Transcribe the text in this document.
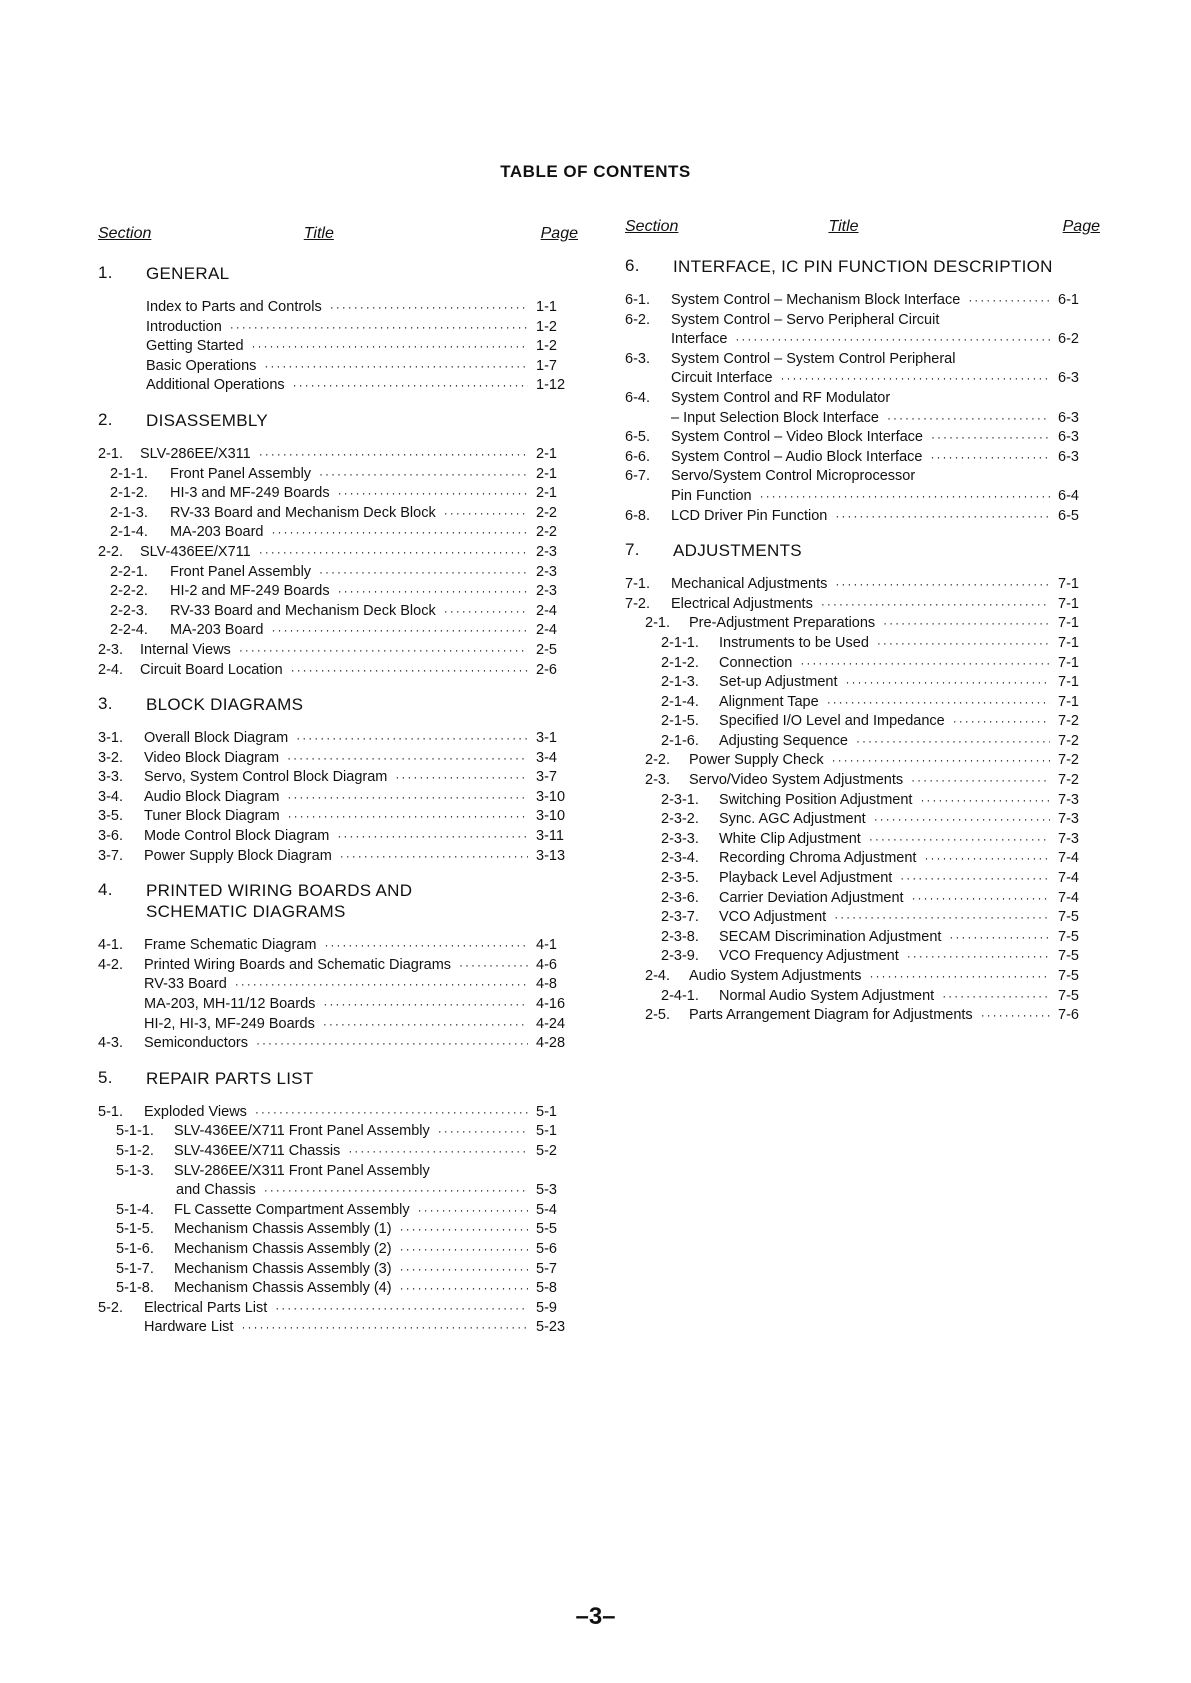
TABLE OF CONTENTS
Section	Title	Page
1.	GENERAL
Index to Parts and Controls ·····	1-1
Introduction ·····	1-2
Getting Started ·····	1-2
Basic Operations ·····	1-7
Additional Operations ·····	1-12
2.	DISASSEMBLY
2-1.	SLV-286EE/X311 ·····	2-1
2-1-1.	Front Panel Assembly ·····	2-1
2-1-2.	HI-3 and MF-249 Boards ·····	2-1
2-1-3.	RV-33 Board and Mechanism Deck Block ·····	2-2
2-1-4.	MA-203 Board ·····	2-2
2-2.	SLV-436EE/X711 ·····	2-3
2-2-1.	Front Panel Assembly ·····	2-3
2-2-2.	HI-2 and MF-249 Boards ·····	2-3
2-2-3.	RV-33 Board and Mechanism Deck Block ·····	2-4
2-2-4.	MA-203 Board ·····	2-4
2-3.	Internal Views ·····	2-5
2-4.	Circuit Board Location ·····	2-6
3.	BLOCK DIAGRAMS
3-1.	Overall Block Diagram ·····	3-1
3-2.	Video Block Diagram ·····	3-4
3-3.	Servo, System Control Block Diagram ·····	3-7
3-4.	Audio Block Diagram ·····	3-10
3-5.	Tuner Block Diagram ·····	3-10
3-6.	Mode Control Block Diagram ·····	3-11
3-7.	Power Supply Block Diagram ·····	3-13
4.	PRINTED WIRING BOARDS AND
SCHEMATIC DIAGRAMS
4-1.	Frame Schematic Diagram ·····	4-1
4-2.	Printed Wiring Boards and Schematic Diagrams ·····	4-6
RV-33 Board ·····	4-8
MA-203, MH-11/12 Boards ·····	4-16
HI-2, HI-3, MF-249 Boards ·····	4-24
4-3.	Semiconductors ·····	4-28
5.	REPAIR PARTS LIST
5-1.	Exploded Views ·····	5-1
5-1-1.	SLV-436EE/X711 Front Panel Assembly ·····	5-1
5-1-2.	SLV-436EE/X711 Chassis ·····	5-2
5-1-3.	SLV-286EE/X311 Front Panel Assembly
and Chassis ·····	5-3
5-1-4.	FL Cassette Compartment Assembly ·····	5-4
5-1-5.	Mechanism Chassis Assembly (1) ·····	5-5
5-1-6.	Mechanism Chassis Assembly (2) ·····	5-6
5-1-7.	Mechanism Chassis Assembly (3) ·····	5-7
5-1-8.	Mechanism Chassis Assembly (4) ·····	5-8
5-2.	Electrical Parts List ·····	5-9
Hardware List ·····	5-23
Section	Title	Page
6.	INTERFACE, IC PIN FUNCTION DESCRIPTION
6-1.	System Control – Mechanism Block Interface ·····	6-1
6-2.	System Control – Servo Peripheral Circuit
Interface ·····	6-2
6-3.	System Control – System Control Peripheral
Circuit Interface ·····	6-3
6-4.	System Control and RF Modulator
– Input Selection Block Interface ·····	6-3
6-5.	System Control – Video Block Interface ·····	6-3
6-6.	System Control – Audio Block Interface ·····	6-3
6-7.	Servo/System Control Microprocessor
Pin Function ·····	6-4
6-8.	LCD Driver Pin Function ·····	6-5
7.	ADJUSTMENTS
7-1.	Mechanical Adjustments ·····	7-1
7-2.	Electrical Adjustments ·····	7-1
2-1.	Pre-Adjustment Preparations ·····	7-1
2-1-1.	Instruments to be Used ·····	7-1
2-1-2.	Connection ·····	7-1
2-1-3.	Set-up Adjustment ·····	7-1
2-1-4.	Alignment Tape ·····	7-1
2-1-5.	Specified I/O Level and Impedance ·····	7-2
2-1-6.	Adjusting Sequence ·····	7-2
2-2.	Power Supply Check ·····	7-2
2-3.	Servo/Video System Adjustments ·····	7-2
2-3-1.	Switching Position Adjustment ·····	7-3
2-3-2.	Sync. AGC Adjustment ·····	7-3
2-3-3.	White Clip Adjustment ·····	7-3
2-3-4.	Recording Chroma Adjustment ·····	7-4
2-3-5.	Playback Level Adjustment ·····	7-4
2-3-6.	Carrier Deviation Adjustment ·····	7-4
2-3-7.	VCO Adjustment ·····	7-5
2-3-8.	SECAM Discrimination Adjustment ·····	7-5
2-3-9.	VCO Frequency Adjustment ·····	7-5
2-4.	Audio System Adjustments ·····	7-5
2-4-1.	Normal Audio System Adjustment ·····	7-5
2-5.	Parts Arrangement Diagram for Adjustments ·····	7-6
–3–
